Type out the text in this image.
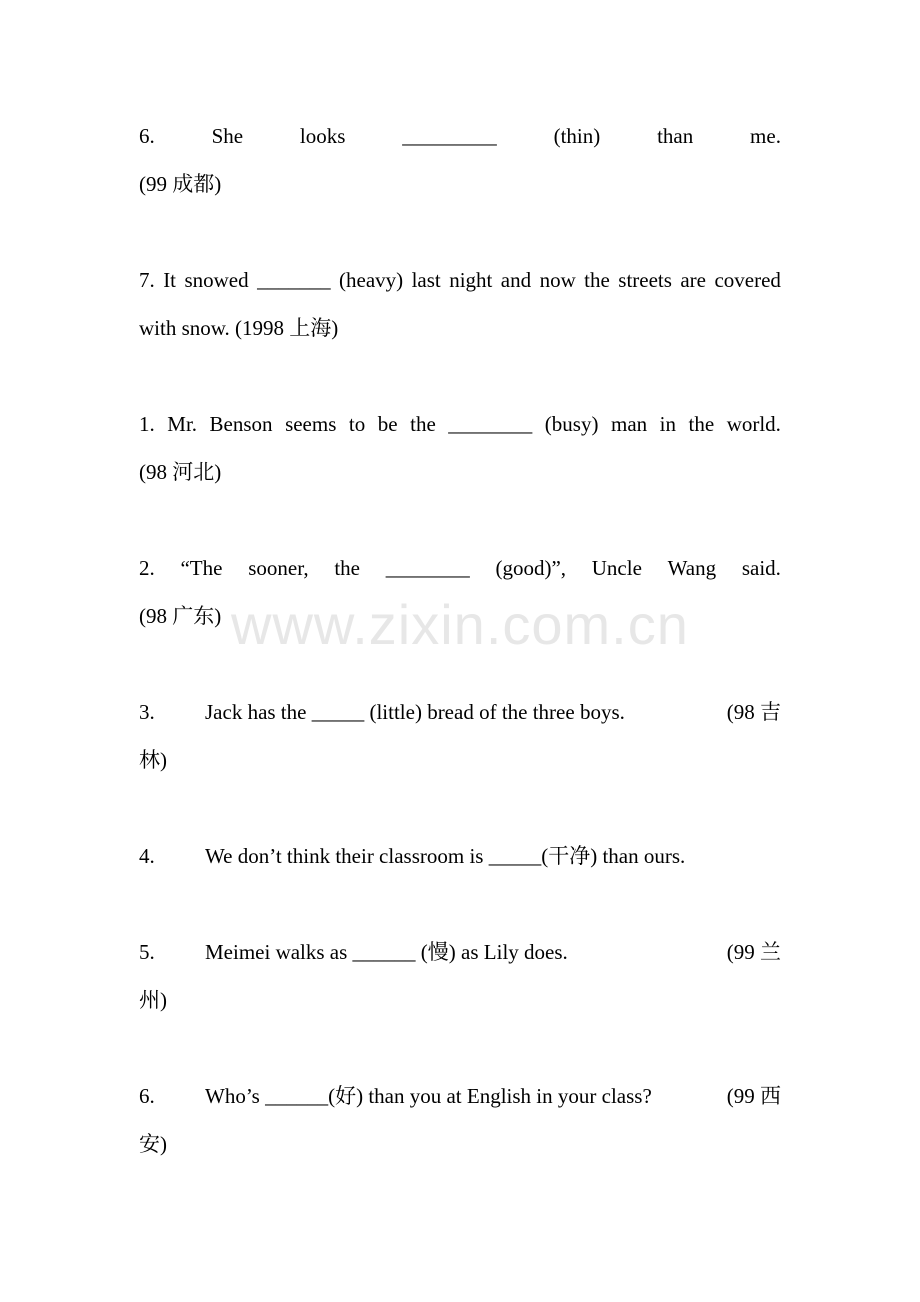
www.zixin.com.cn
6.	She	looks	_________	(thin)	than	me.
(99 成都)
7. It snowed _______ (heavy) last night and now the streets are covered
with snow. (1998 上海)
1. Mr. Benson seems to be the ________ (busy) man in the world.
(98 河北)
2. “The sooner, the ________ (good)”, Uncle Wang said.
(98 广东)
3.	Jack has the _____ (little) bread of the three boys.	(98 吉
林)
4.	We don’t think their classroom is _____(干净) than ours.
5.	Meimei walks as ______ (慢) as Lily does.	(99 兰
州)
6.	Who’s ______(好) than you at English in your class?	(99 西
安)
